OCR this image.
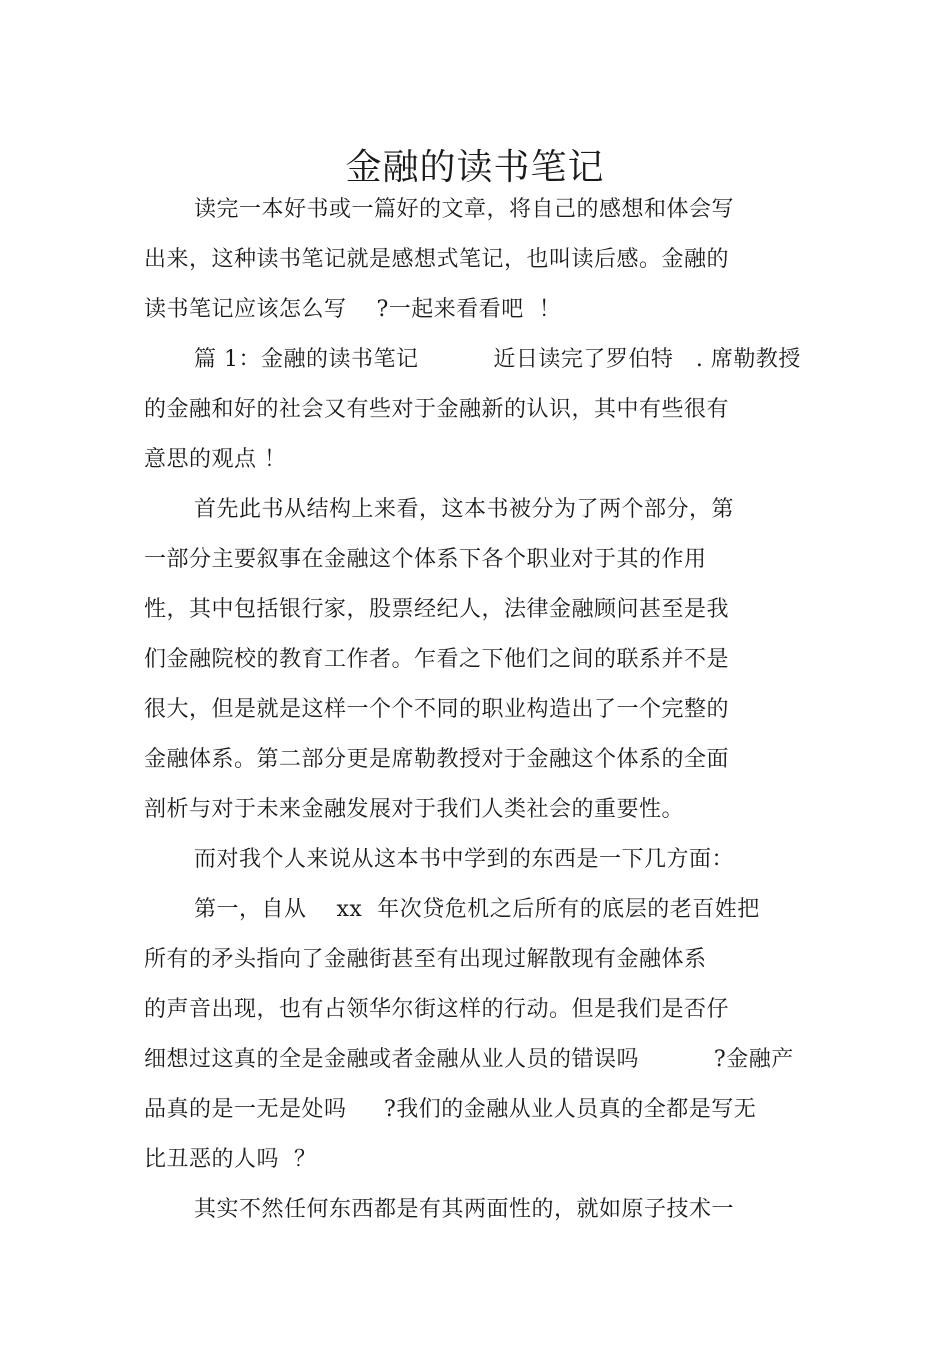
金融的读书笔记
读完一本好书或一篇好的文章，将自己的感想和体会写
出来，这种读书笔记就是感想式笔记，也叫读后感。金融的
读书笔记应该怎么写    ?一起来看看吧  ！
篇 1：金融的读书笔记          近日读完了罗伯特   . 席勒教授
的金融和好的社会又有些对于金融新的认识，其中有些很有
意思的观点 ！
首先此书从结构上来看，这本书被分为了两个部分，第
一部分主要叙事在金融这个体系下各个职业对于其的作用
性，其中包括银行家，股票经纪人，法律金融顾问甚至是我
们金融院校的教育工作者。乍看之下他们之间的联系并不是
很大，但是就是这样一个个不同的职业构造出了一个完整的
金融体系。第二部分更是席勒教授对于金融这个体系的全面
剖析与对于未来金融发展对于我们人类社会的重要性。
而对我个人来说从这本书中学到的东西是一下几方面：
第一，自从    xx  年次贷危机之后所有的底层的老百姓把
所有的矛头指向了金融街甚至有出现过解散现有金融体系
的声音出现，也有占领华尔街这样的行动。但是我们是否仔
细想过这真的全是金融或者金融从业人员的错误吗          ?金融产
品真的是一无是处吗     ?我们的金融从业人员真的全都是写无
比丑恶的人吗  ？
其实不然任何东西都是有其两面性的，就如原子技术一
